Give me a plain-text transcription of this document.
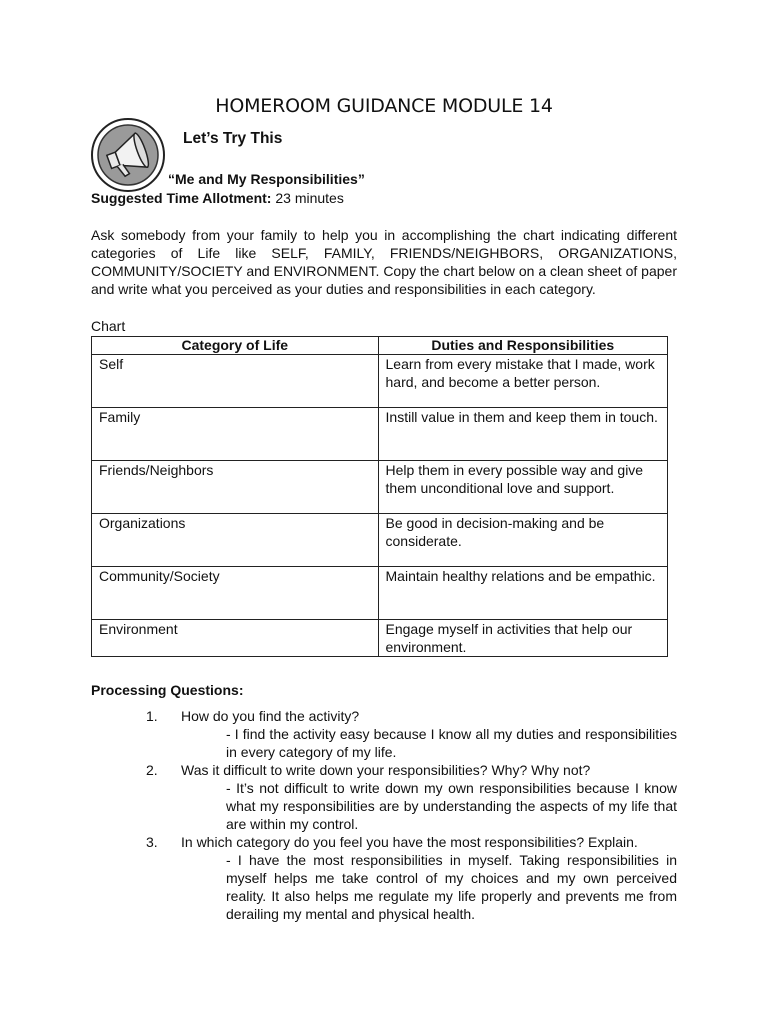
HOMEROOM GUIDANCE MODULE 14
Let’s Try This
“Me and My Responsibilities”
Suggested Time Allotment: 23 minutes
Ask somebody from your family to help you in accomplishing the chart indicating different categories of Life like SELF, FAMILY, FRIENDS/NEIGHBORS, ORGANIZATIONS, COMMUNITY/SOCIETY and ENVIRONMENT. Copy the chart below on a clean sheet of paper and write what you perceived as your duties and responsibilities in each category.
Chart
Category of Life	Duties and Responsibilities
Self	Learn from every mistake that I made, work hard, and become a better person.
Family	Instill value in them and keep them in touch.
Friends/Neighbors	Help them in every possible way and give them unconditional love and support.
Organizations	Be good in decision-making and be considerate.
Community/Society	Maintain healthy relations and be empathic.
Environment	Engage myself in activities that help our environment.
Processing Questions:
1. How do you find the activity?
- I find the activity easy because I know all my duties and responsibilities in every category of my life.
2. Was it difficult to write down your responsibilities? Why? Why not?
- It’s not difficult to write down my own responsibilities because I know what my responsibilities are by understanding the aspects of my life that are within my control.
3. In which category do you feel you have the most responsibilities? Explain.
- I have the most responsibilities in myself. Taking responsibilities in myself helps me take control of my choices and my own perceived reality. It also helps me regulate my life properly and prevents me from derailing my mental and physical health.
